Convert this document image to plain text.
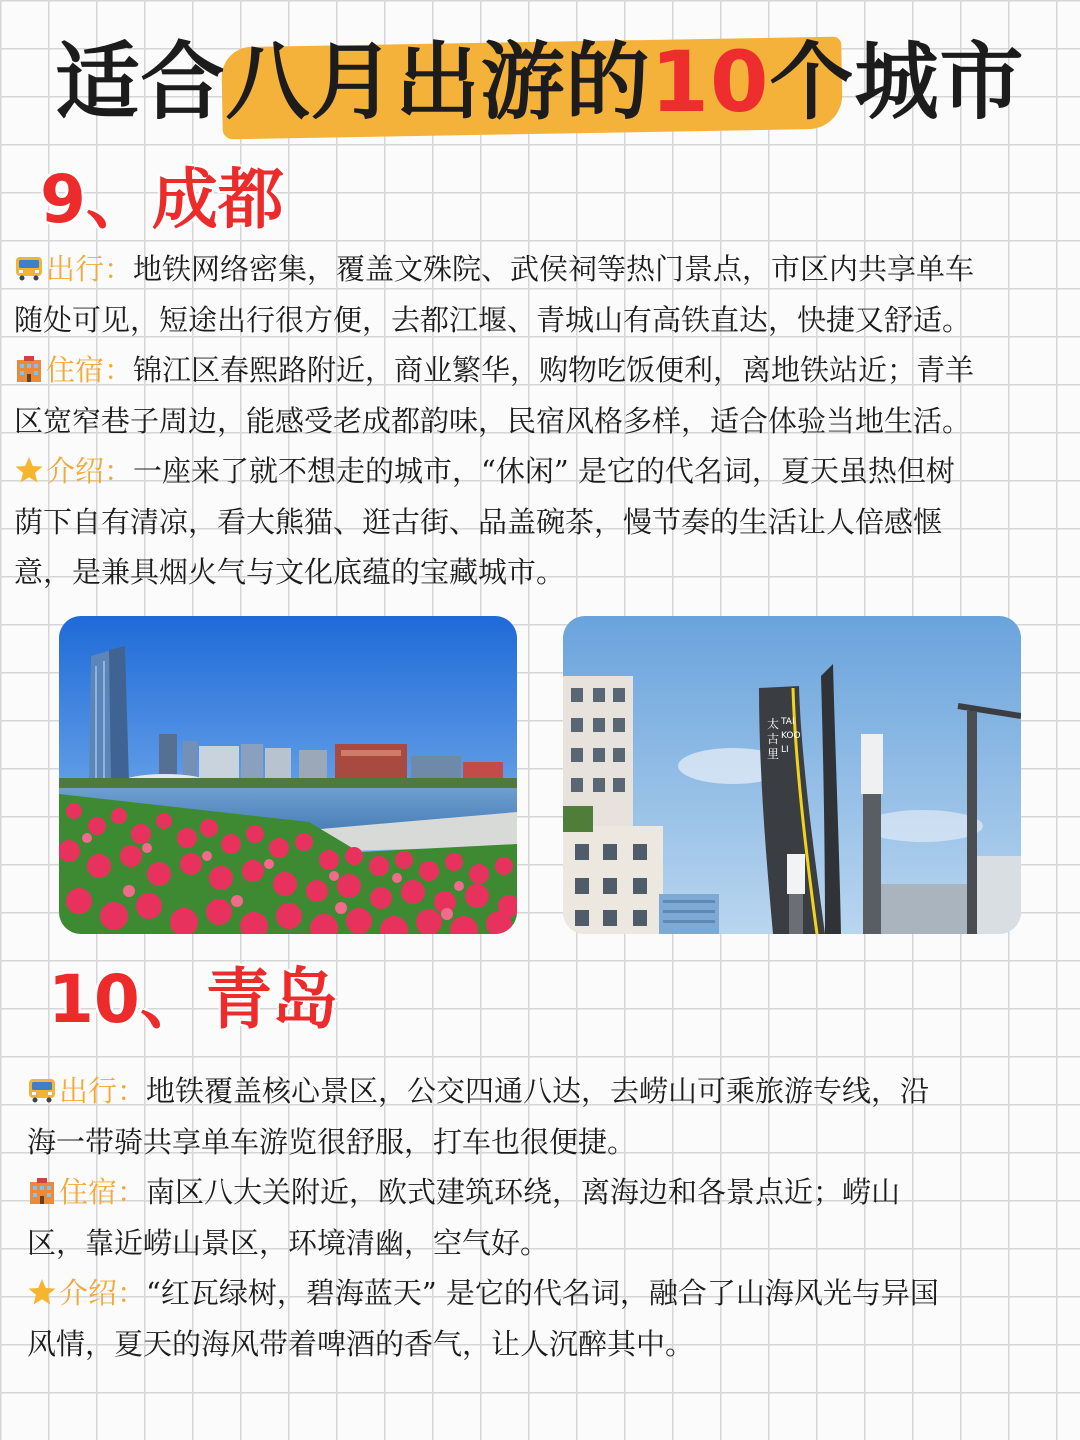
适合八月出游的10个城市
9、成都
出行：地铁网络密集，覆盖文殊院、武侯祠等热门景点，市区内共享单车
随处可见，短途出行很方便，去都江堰、青城山有高铁直达，快捷又舒适。
住宿：锦江区春熙路附近，商业繁华，购物吃饭便利，离地铁站近；青羊
区宽窄巷子周边，能感受老成都韵味，民宿风格多样，适合体验当地生活。
介绍：一座来了就不想走的城市，“休闲” 是它的代名词，夏天虽热但树
荫下自有清凉，看大熊猫、逛古街、品盖碗茶，慢节奏的生活让人倍感惬
意，是兼具烟火气与文化底蕴的宝藏城市。
太古里
TAI KOO LI
10、青岛
出行：地铁覆盖核心景区，公交四通八达，去崂山可乘旅游专线，沿
海一带骑共享单车游览很舒服，打车也很便捷。
住宿：南区八大关附近，欧式建筑环绕，离海边和各景点近；崂山
区，靠近崂山景区，环境清幽，空气好。
介绍：“红瓦绿树，碧海蓝天” 是它的代名词，融合了山海风光与异国
风情，夏天的海风带着啤酒的香气，让人沉醉其中。
